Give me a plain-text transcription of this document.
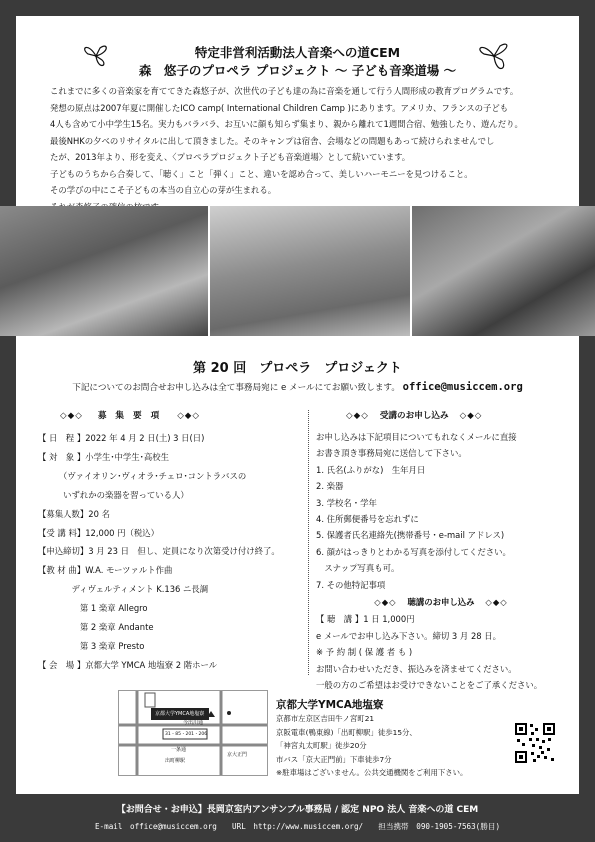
特定非営利活動法人音楽への道CEM
森　悠子のプロペラ プロジェクト ～ 子ども音楽道場 ～

これまでに多くの音楽家を育ててきた森悠子が、次世代の子ども達の為に音楽を通して行う人間形成の教育プログラムです。

発想の原点は2007年夏に開催したICO camp( International Children Camp )にあります。アメリカ、フランスの子ども

4人も含めて小中学生15名。実力もバラバラ、お互いに顔も知らず集まり、親から離れて1週間合宿、勉強したり、遊んだり。

最後NHKの夕べのリサイタルに出して頂きました。そのキャンプは宿舎、会場などの問題もあって続けられませんでし

たが、2013年より、形を変え、〈プロペラプロジェクト子ども音楽道場〉として続いています。

子どものうちから合奏して、「聴く」こと「弾く」こと、違いを認め合って、美しいハーモニーを見つけること。

その学びの中にこそ子どもの本当の自立心の芽が生まれる。

第 20 回　プロペラ　プロジェクト
下記についてのお問合せお申し込みは全て事務局宛に e メールにてお願い致します。 office@musiccem.org
◇◆◇ 募 集 要 項 ◇◆◇
【 日　程 】2022 年 4 月 2 日(土) 3 日(日)
【 対　象 】小学生･中学生･高校生
　　　（ヴァイオリン･ヴィオラ･チェロ･コントラバスの
　　　いずれかの楽器を習っている人）
【募集人数】20 名
【受 講 料】12,000 円（税込）
【申込締切】3 月 23 日　但し、定員になり次第受け付け終了。
【教 材 曲】W.A. モーツァルト作曲
　　　　ディヴェルティメント K.136 ニ長調
　　　　　第 1 楽章 Allegro
　　　　　第 2 楽章 Andante
　　　　　第 3 楽章 Presto
【 会　場 】京都大学 YMCA 地塩寮 2 階ホール
◇◆◇ 受講のお申し込み ◇◆◇
お申し込みは下記項目についてもれなくメールに直接
お書き頂き事務局宛に送信して下さい。
1. 氏名(ふりがな)　生年月日
2. 楽器
3. 学校名・学年
4. 住所郵便番号を忘れずに
5. 保護者氏名連絡先(携帯番号・e-mail アドレス)
6. 顔がはっきりとわかる写真を添付してください。
　スナップ写真も可。
7. その他特記事項
◇◆◇ 聴講のお申し込み ◇◆◇
【 聴　講 】1 日 1,000円
e メールでお申し込み下さい。締切 3 月 28 日。
※ 予 約 制 ( 保 護 者 も )
お問い合わせいただき、振込みを済ませてください。
一般の方のご希望はお受けできないことをご了承ください。
京都大学YMCA地塩寮
今出川通
一条通
31・85・201・206
出町柳駅
京大正門
京都大学YMCA地塩寮
京都市左京区吉田牛ノ宮町21
京阪電車(鴨東線)「出町柳駅」徒歩15分、
「神宮丸太町駅」徒歩20分
市バス「京大正門前」下車徒歩7分
※駐車場はございません。公共交通機関をご利用下さい。
【お問合せ・お申込】長岡京室内アンサンブル事務局 / 認定 NPO 法人 音楽への道 CEM
E-mail　office@musiccem.org　　URL　http://www.musiccem.org/　　担当携帯　090-1905-7563(勝目)
